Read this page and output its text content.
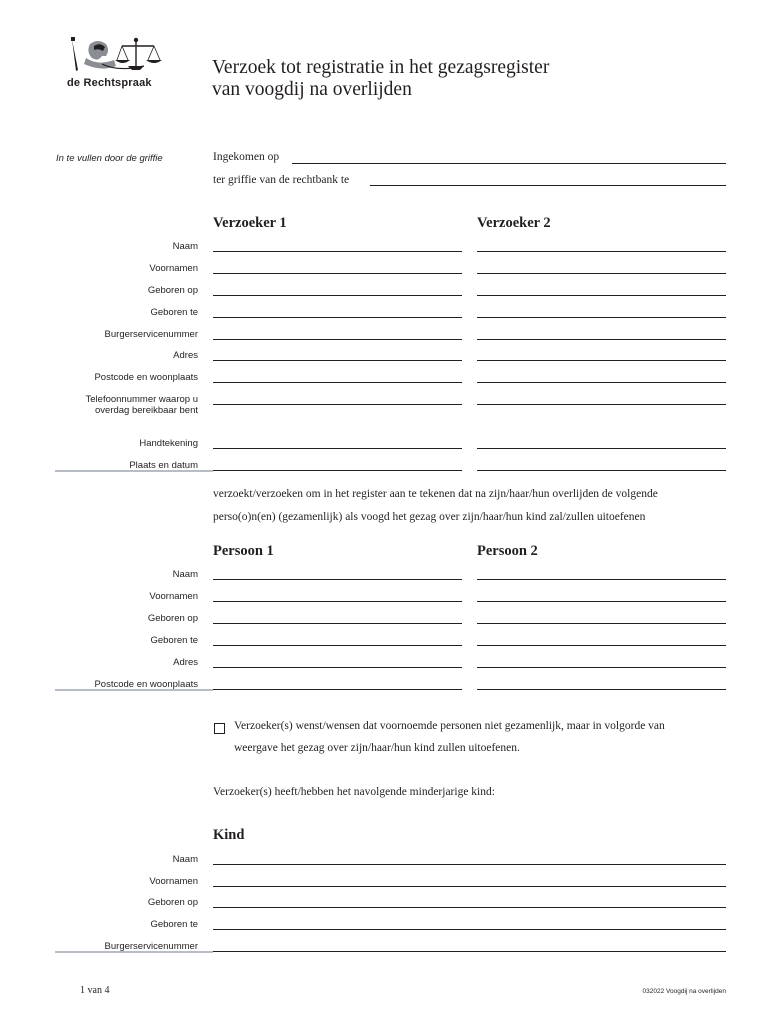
de Rechtspraak
Verzoek tot registratie in het gezagsregister
van voogdij na overlijden
In te vullen door de griffie	Ingekomen op
ter griffie van de rechtbank te
Verzoeker 1	Verzoeker 2
Naam
Voornamen
Geboren op
Geboren te
Burgerservicenummer
Adres
Postcode en woonplaats
Telefoonnummer waarop u overdag bereikbaar bent
Handtekening
Plaats en datum
verzoekt/verzoeken om in het register aan te tekenen dat na zijn/haar/hun overlijden de volgende
perso(o)n(en) (gezamenlijk) als voogd het gezag over zijn/haar/hun kind zal/zullen uitoefenen
Persoon 1	Persoon 2
Naam
Voornamen
Geboren op
Geboren te
Adres
Postcode en woonplaats
Verzoeker(s) wenst/wensen dat voornoemde personen niet gezamenlijk, maar in volgorde van
weergave het gezag over zijn/haar/hun kind zullen uitoefenen.
Verzoeker(s) heeft/hebben het navolgende minderjarige kind:
Kind
Naam
Voornamen
Geboren op
Geboren te
Burgerservicenummer
1 van 4	032022 Voogdij na overlijden
